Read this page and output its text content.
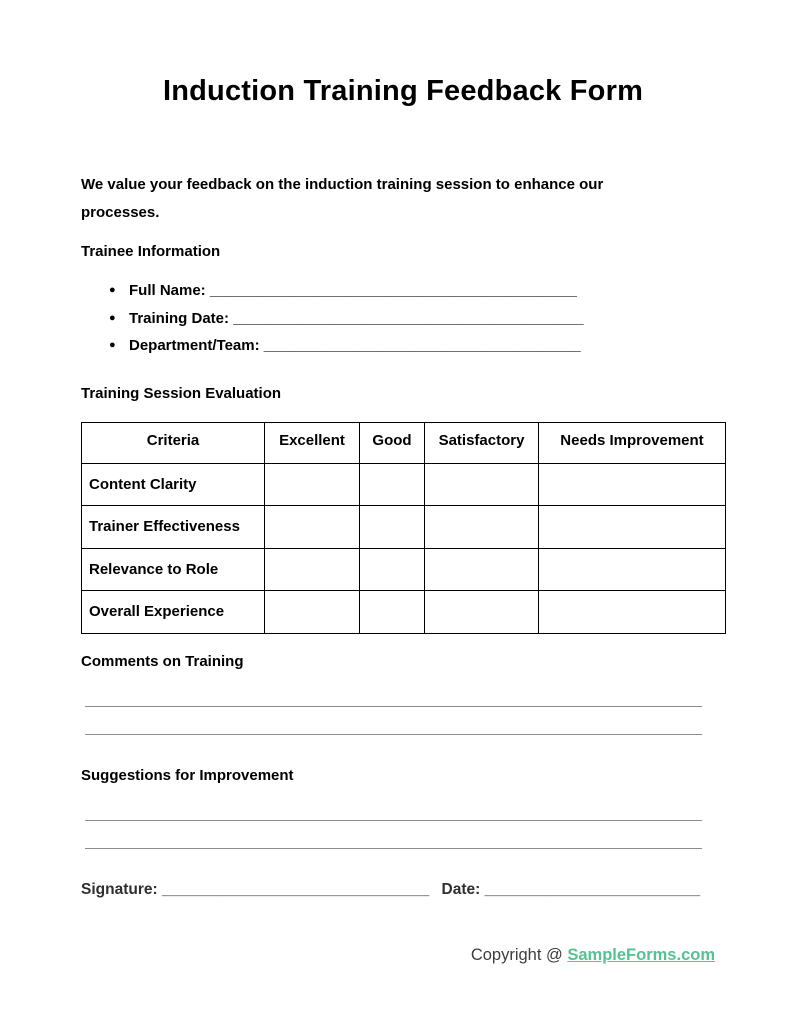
Induction Training Feedback Form

We value your feedback on the induction training session to enhance our processes.

Trainee Information
● Full Name: ____________________________________________
● Training Date: __________________________________________
● Department/Team: ______________________________________
Training Session Evaluation
Criteria	Excellent	Good	Satisfactory	Needs Improvement
Content Clarity				
Trainer Effectiveness				
Relevance to Role				
Overall Experience				
Comments on Training
Suggestions for Improvement
Signature: _______________________________ Date: _________________________
Copyright @ SampleForms.com
